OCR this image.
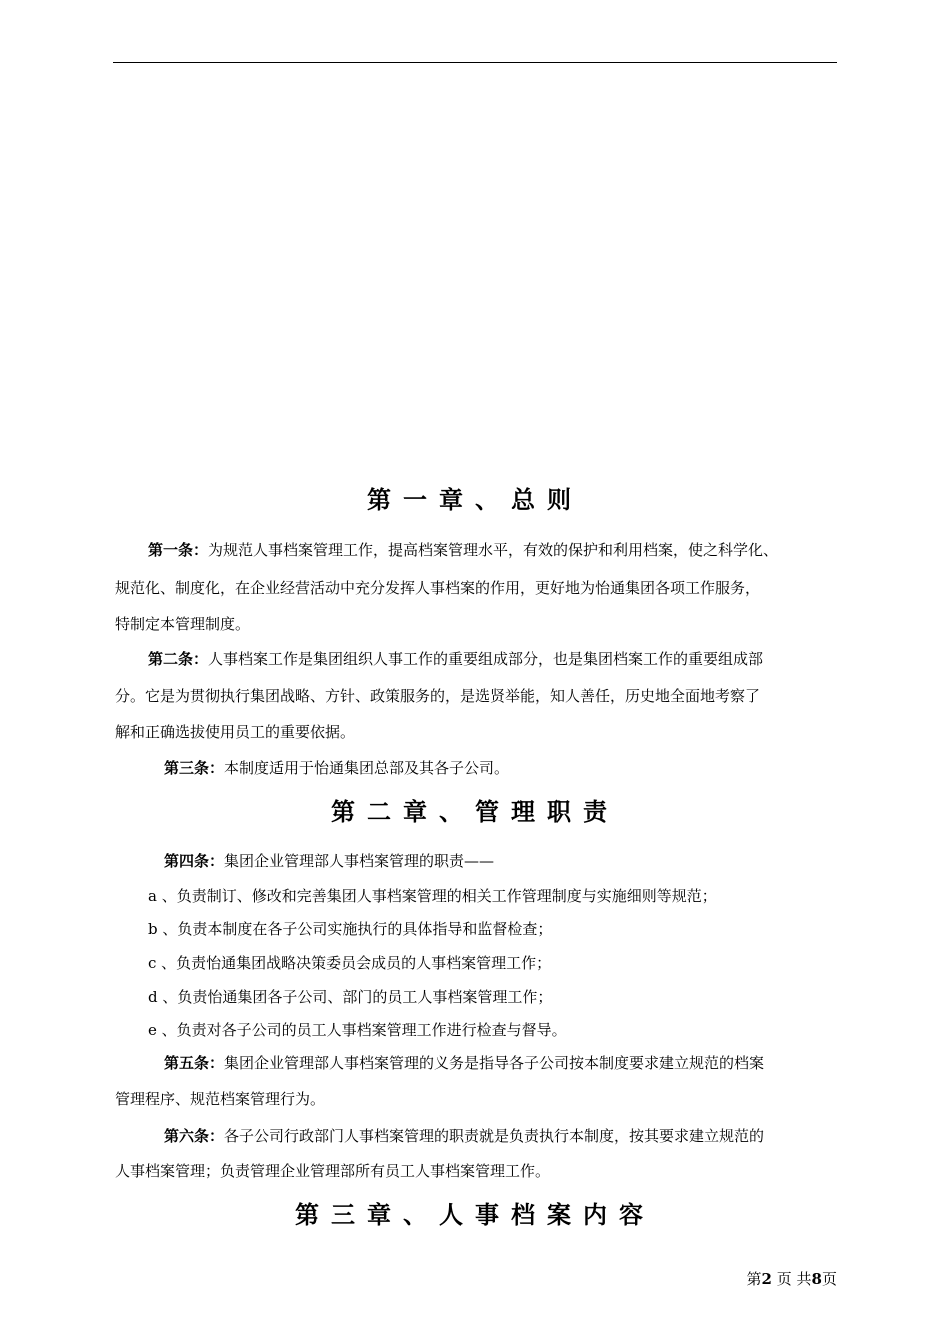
第一章、总则
第一条：为规范人事档案管理工作，提高档案管理水平，有效的保护和利用档案，使之科学化、
规范化、制度化，在企业经营活动中充分发挥人事档案的作用，更好地为怡通集团各项工作服务，
特制定本管理制度。
第二条：人事档案工作是集团组织人事工作的重要组成部分，也是集团档案工作的重要组成部
分。它是为贯彻执行集团战略、方针、政策服务的，是选贤举能，知人善任，历史地全面地考察了
解和正确选拔使用员工的重要依据。
第三条：本制度适用于怡通集团总部及其各子公司。
第二章、管理职责
第四条：集团企业管理部人事档案管理的职责——
a 、负责制订、修改和完善集团人事档案管理的相关工作管理制度与实施细则等规范；
b 、负责本制度在各子公司实施执行的具体指导和监督检查；
c 、负责怡通集团战略决策委员会成员的人事档案管理工作；
d 、负责怡通集团各子公司、部门的员工人事档案管理工作；
e 、负责对各子公司的员工人事档案管理工作进行检查与督导。
第五条：集团企业管理部人事档案管理的义务是指导各子公司按本制度要求建立规范的档案
管理程序、规范档案管理行为。
第六条：各子公司行政部门人事档案管理的职责就是负责执行本制度，按其要求建立规范的
人事档案管理；负责管理企业管理部所有员工人事档案管理工作。
第三章、人事档案内容
第2 页 共8页
